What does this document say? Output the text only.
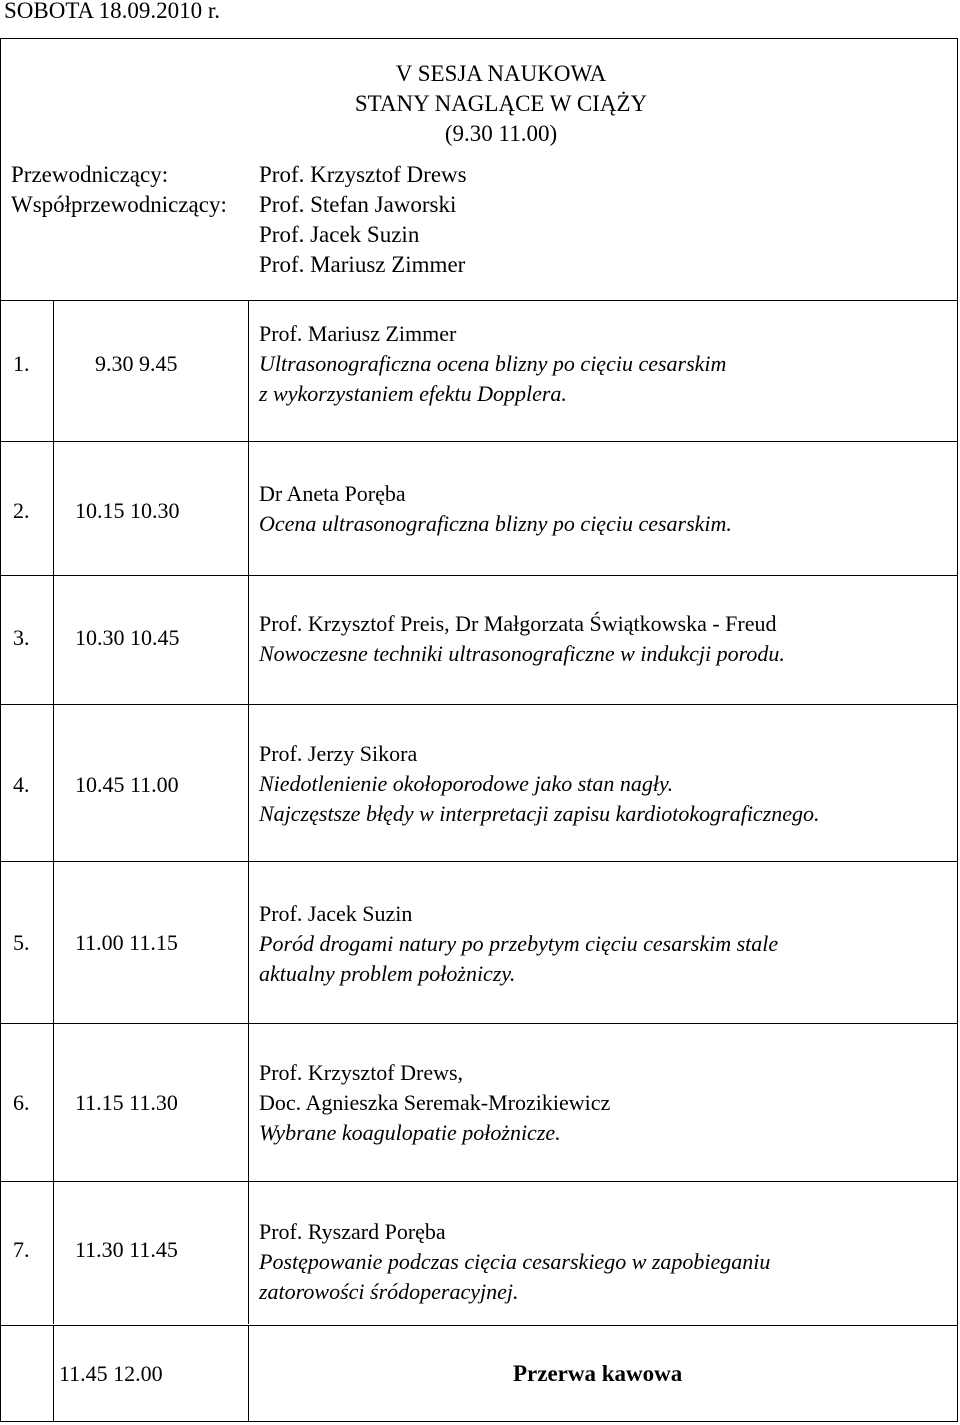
SOBOTA 18.09.2010 r.
V SESJA NAUKOWA
STANY NAGLĄCE W CIĄŻY
(9.30 11.00)
Przewodniczący:	Prof. Krzysztof Drews
Współprzewodniczący: Prof. Stefan Jaworski
Prof. Jacek Suzin
Prof. Mariusz Zimmer
1.	9.30 9.45
Prof. Mariusz Zimmer
Ultrasonograficzna ocena blizny po cięciu cesarskim
z wykorzystaniem efektu Dopplera.
2. 10.15 10.30
Dr Aneta Poręba
Ocena ultrasonograficzna blizny po cięciu cesarskim.
3. 10.30 10.45
Prof. Krzysztof Preis, Dr Małgorzata Świątkowska - Freud
Nowoczesne techniki ultrasonograficzne w indukcji porodu.
4. 10.45 11.00
Prof. Jerzy Sikora
Niedotlenienie okołoporodowe jako stan nagły.
Najczęstsze błędy w interpretacji zapisu kardiotokograficznego.
5. 11.00 11.15
Prof. Jacek Suzin
Poród drogami natury po przebytym cięciu cesarskim stale
aktualny problem położniczy.
6. 11.15 11.30
Prof. Krzysztof Drews,
Doc. Agnieszka Seremak-Mrozikiewicz
Wybrane koagulopatie położnicze.
7. 11.30 11.45
Prof. Ryszard Poręba
Postępowanie podczas cięcia cesarskiego w zapobieganiu
zatorowości śródoperacyjnej.
11.45 12.00	Przerwa kawowa
